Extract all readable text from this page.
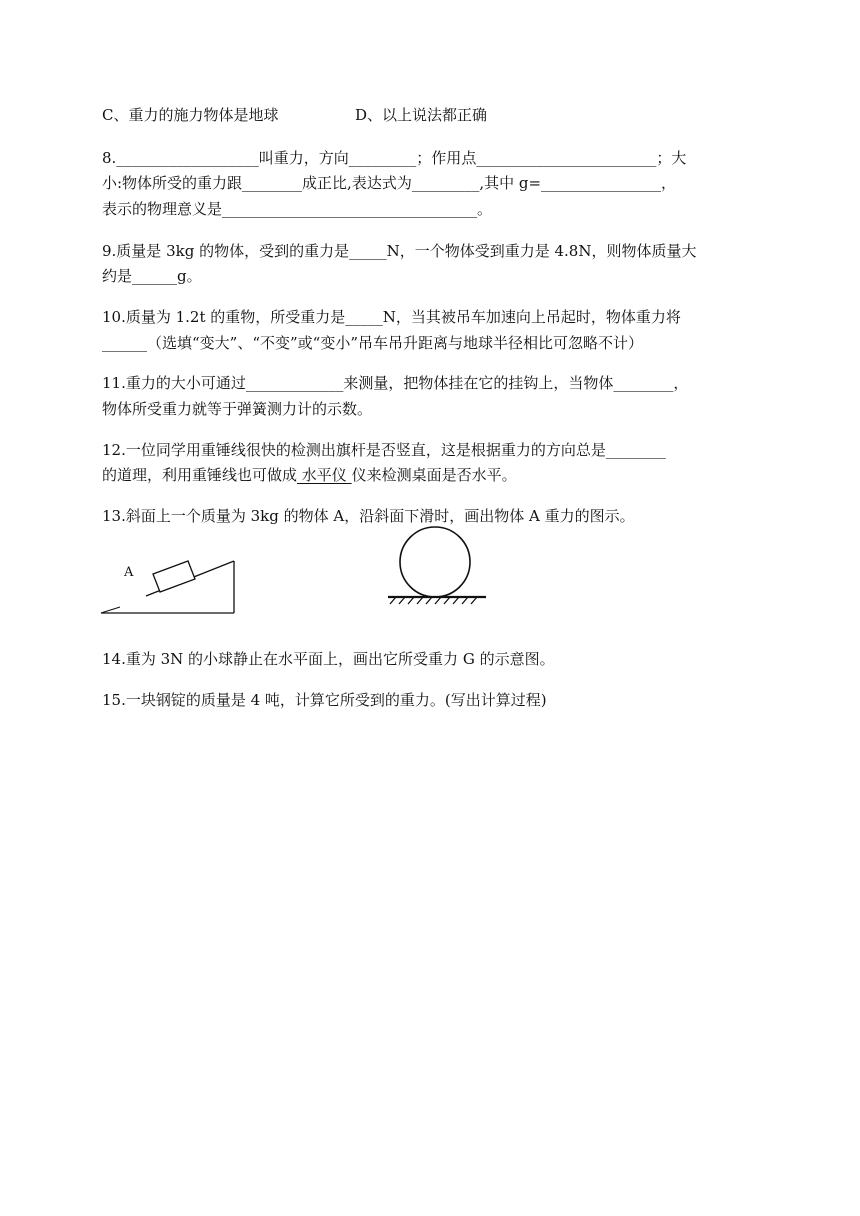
C、重力的施力物体是地球	D、以上说法都正确
8.___________________叫重力，方向_________；作用点________________________；大
小:物体所受的重力跟________成正比,表达式为_________,其中 g=________________，
表示的物理意义是__________________________________。
9.质量是 3kg 的物体，受到的重力是_____N，一个物体受到重力是 4.8N，则物体质量大
约是______g。
10.质量为 1.2t 的重物，所受重力是_____N，当其被吊车加速向上吊起时，物体重力将
______（选填“变大”、“不变”或“变小”吊车吊升距离与地球半径相比可忽略不计）
11.重力的大小可通过_____________来测量，把物体挂在它的挂钩上，当物体________，
物体所受重力就等于弹簧测力计的示数。
12.一位同学用重锤线很快的检测出旗杆是否竖直，这是根据重力的方向总是________
的道理，利用重锤线也可做成 水平仪 仪来检测桌面是否水平。
13.斜面上一个质量为 3kg 的物体 A，沿斜面下滑时，画出物体 A 重力的图示。
A
14.重为 3N 的小球静止在水平面上，画出它所受重力 G 的示意图。
15.一块钢锭的质量是 4 吨，计算它所受到的重力。(写出计算过程)
